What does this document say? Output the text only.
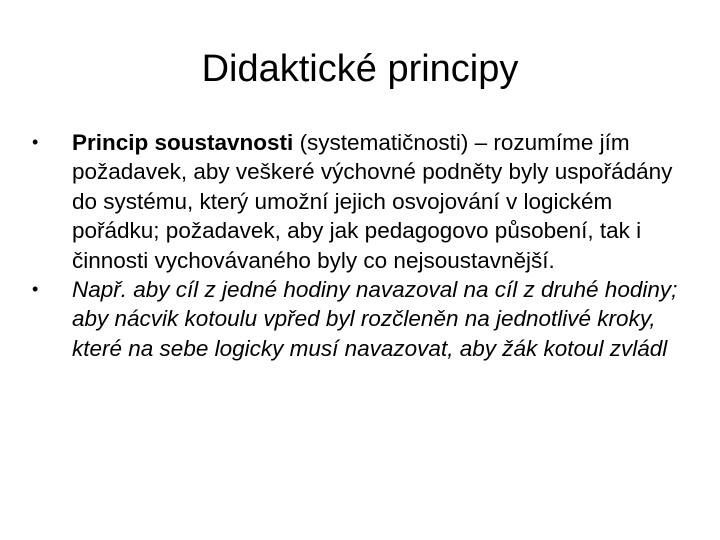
Didaktické principy

•	Princip soustavnosti (systematičnosti) – rozumíme jím požadavek, aby veškeré výchovné podněty byly uspořádány do systému, který umožní jejich osvojování v logickém pořádku; požadavek, aby jak pedagogovo působení, tak i činnosti vychovávaného byly co nejsoustavnější.

•	Např. aby cíl z jedné hodiny navazoval na cíl z druhé hodiny; aby nácvik kotoulu vpřed byl rozčleněn na jednotlivé kroky, které na sebe logicky musí navazovat, aby žák kotoul zvládl
